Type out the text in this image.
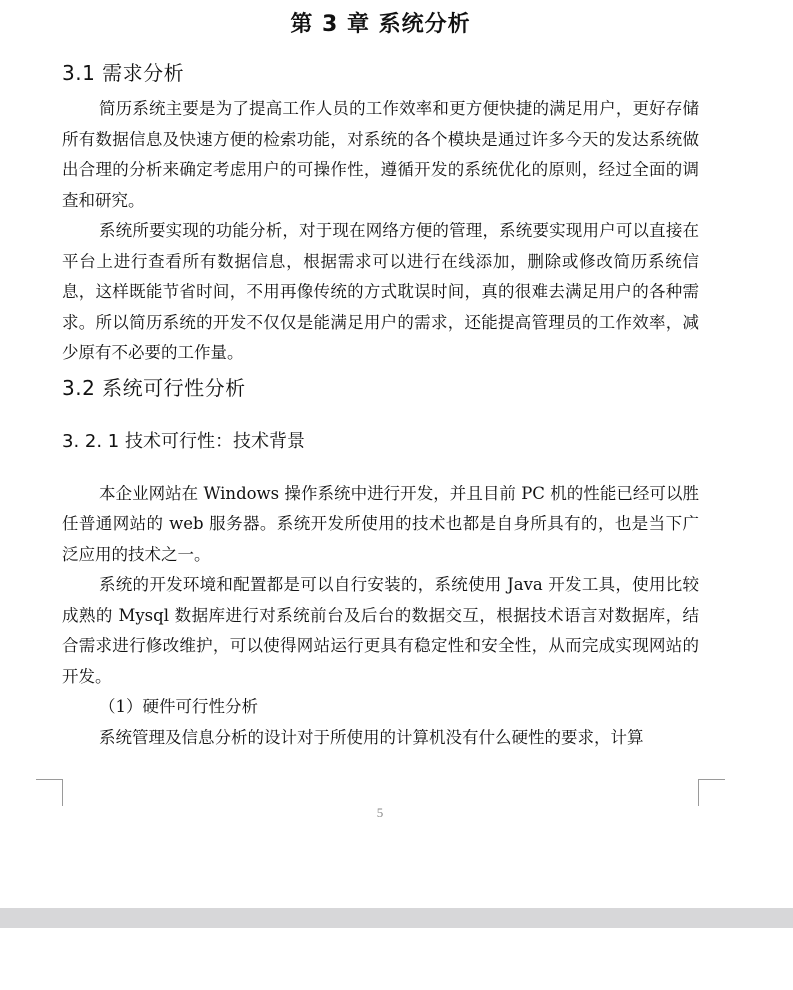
第 3 章 系统分析
3.1 需求分析

简历系统主要是为了提高工作人员的工作效率和更方便快捷的满足用户，更好存储所有数据信息及快速方便的检索功能，对系统的各个模块是通过许多今天的发达系统做出合理的分析来确定考虑用户的可操作性，遵循开发的系统优化的原则，经过全面的调查和研究。

系统所要实现的功能分析，对于现在网络方便的管理，系统要实现用户可以直接在平台上进行查看所有数据信息，根据需求可以进行在线添加，删除或修改简历系统信息，这样既能节省时间，不用再像传统的方式耽误时间，真的很难去满足用户的各种需求。所以简历系统的开发不仅仅是能满足用户的需求，还能提高管理员的工作效率，减少原有不必要的工作量。

3.2 系统可行性分析
3. 2. 1 技术可行性：技术背景

本企业网站在 Windows 操作系统中进行开发，并且目前 PC 机的性能已经可以胜任普通网站的 web 服务器。系统开发所使用的技术也都是自身所具有的，也是当下广泛应用的技术之一。

系统的开发环境和配置都是可以自行安装的，系统使用 Java 开发工具，使用比较成熟的 Mysql 数据库进行对系统前台及后台的数据交互，根据技术语言对数据库，结合需求进行修改维护，可以使得网站运行更具有稳定性和安全性，从而完成实现网站的开发。

（1）硬件可行性分析

系统管理及信息分析的设计对于所使用的计算机没有什么硬性的要求，计算

5
